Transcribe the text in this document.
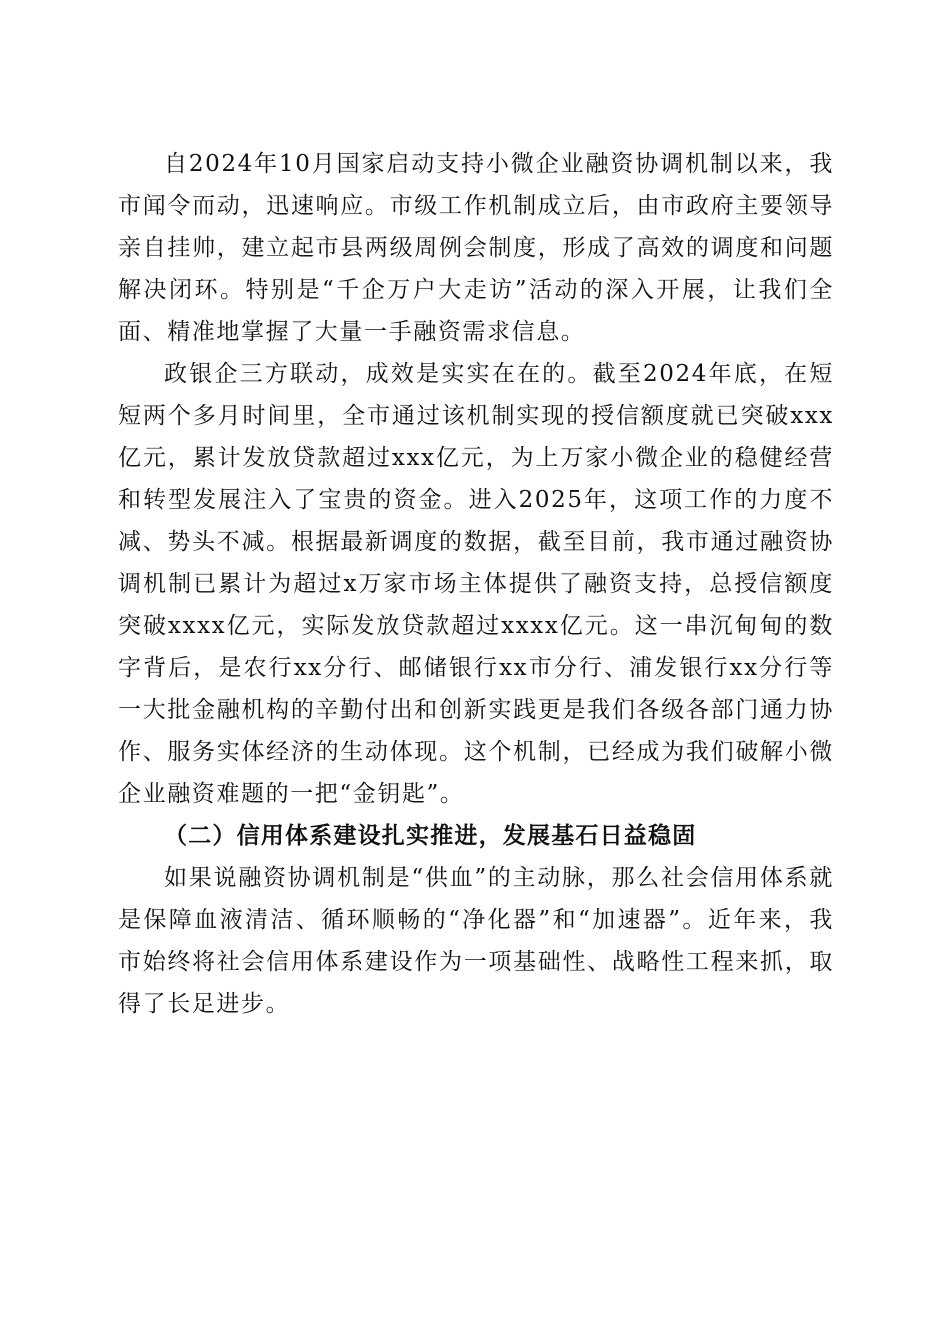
自2024年10月国家启动支持小微企业融资协调机制以来，我市闻令而动，迅速响应。市级工作机制成立后，由市政府主要领导亲自挂帅，建立起市县两级周例会制度，形成了高效的调度和问题解决闭环。特别是“千企万户大走访”活动的深入开展，让我们全面、精准地掌握了大量一手融资需求信息。

政银企三方联动，成效是实实在在的。截至2024年底，在短短两个多月时间里，全市通过该机制实现的授信额度就已突破xxx亿元，累计发放贷款超过xxx亿元，为上万家小微企业的稳健经营和转型发展注入了宝贵的资金。进入2025年，这项工作的力度不减、势头不减。根据最新调度的数据，截至目前，我市通过融资协调机制已累计为超过x万家市场主体提供了融资支持，总授信额度突破xxxx亿元，实际发放贷款超过xxxx亿元。这一串沉甸甸的数字背后，是农行xx分行、邮储银行xx市分行、浦发银行xx分行等一大批金融机构的辛勤付出和创新实践更是我们各级各部门通力协作、服务实体经济的生动体现。这个机制，已经成为我们破解小微企业融资难题的一把“金钥匙”。

（二）信用体系建设扎实推进，发展基石日益稳固

如果说融资协调机制是“供血”的主动脉，那么社会信用体系就是保障血液清洁、循环顺畅的“净化器”和“加速器”。近年来，我市始终将社会信用体系建设作为一项基础性、战略性工程来抓，取得了长足进步。
